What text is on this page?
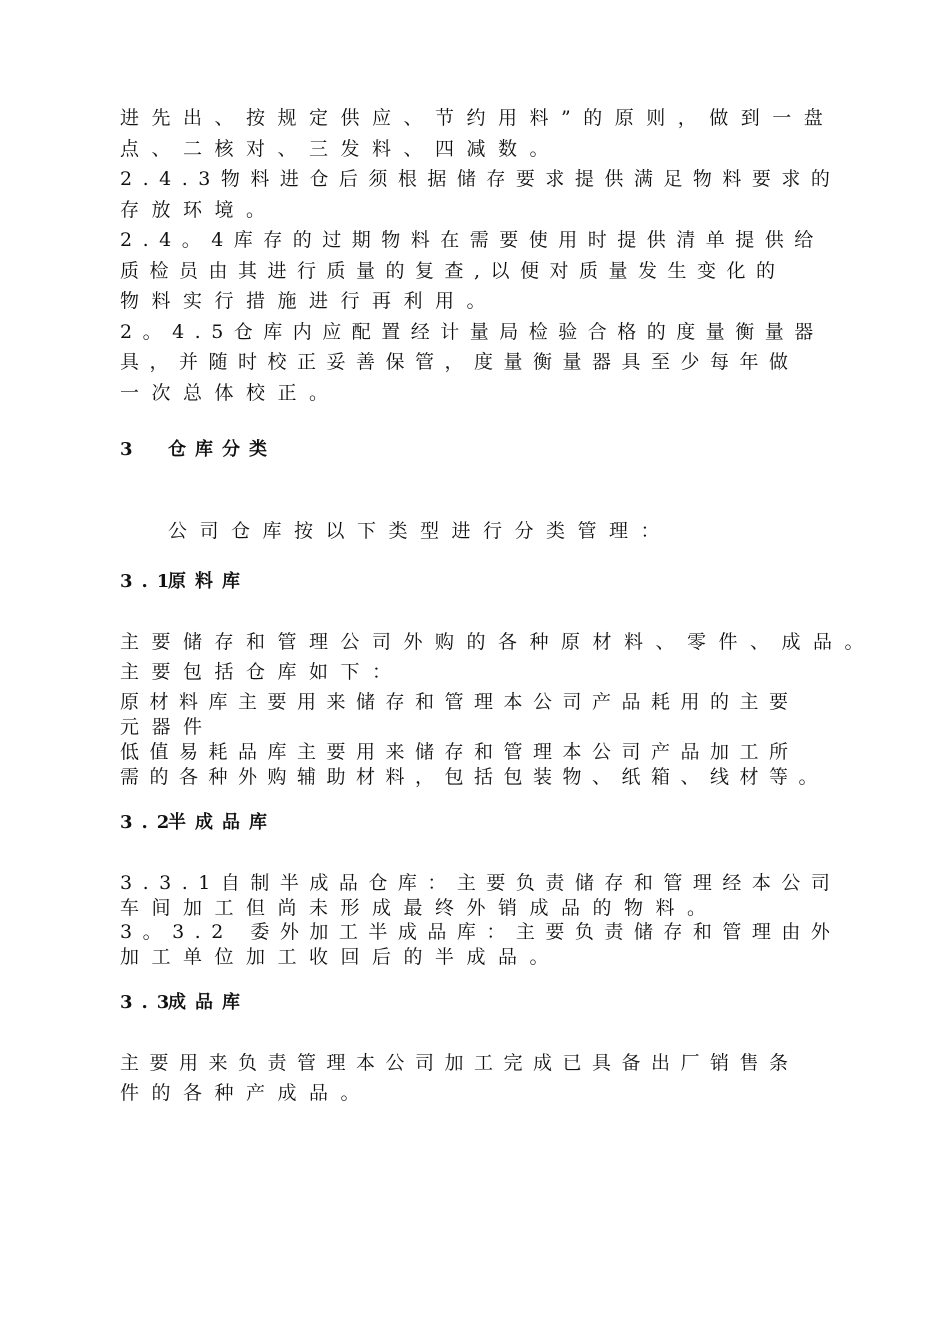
进先出、按规定供应、节约用料”的原则，做到一盘
点、二核对、三发料、四减数。
2.4.3物料进仓后须根据储存要求提供满足物料要求的
存放环境。
2.4。4库存的过期物料在需要使用时提供清单提供给
质检员由其进行质量的复查,以便对质量发生变化的
物料实行措施进行再利用。
2。4.5仓库内应配置经计量局检验合格的度量衡量器
具，并随时校正妥善保管，度量衡量器具至少每年做
一次总体校正。
3 仓库分类
公司仓库按以下类型进行分类管理：
3.1原料库
主要储存和管理公司外购的各种原材料、零件、成品。
主要包括仓库如下：
原材料库主要用来储存和管理本公司产品耗用的主要
元器件
低值易耗品库主要用来储存和管理本公司产品加工所
需的各种外购辅助材料，包括包装物、纸箱、线材等。
3.2半成品库
3.3.1自制半成品仓库：主要负责储存和管理经本公司
车间加工但尚未形成最终外销成品的物料。
3。3.2 委外加工半成品库：主要负责储存和管理由外
加工单位加工收回后的半成品。
3.3成品库
主要用来负责管理本公司加工完成已具备出厂销售条
件的各种产成品。
